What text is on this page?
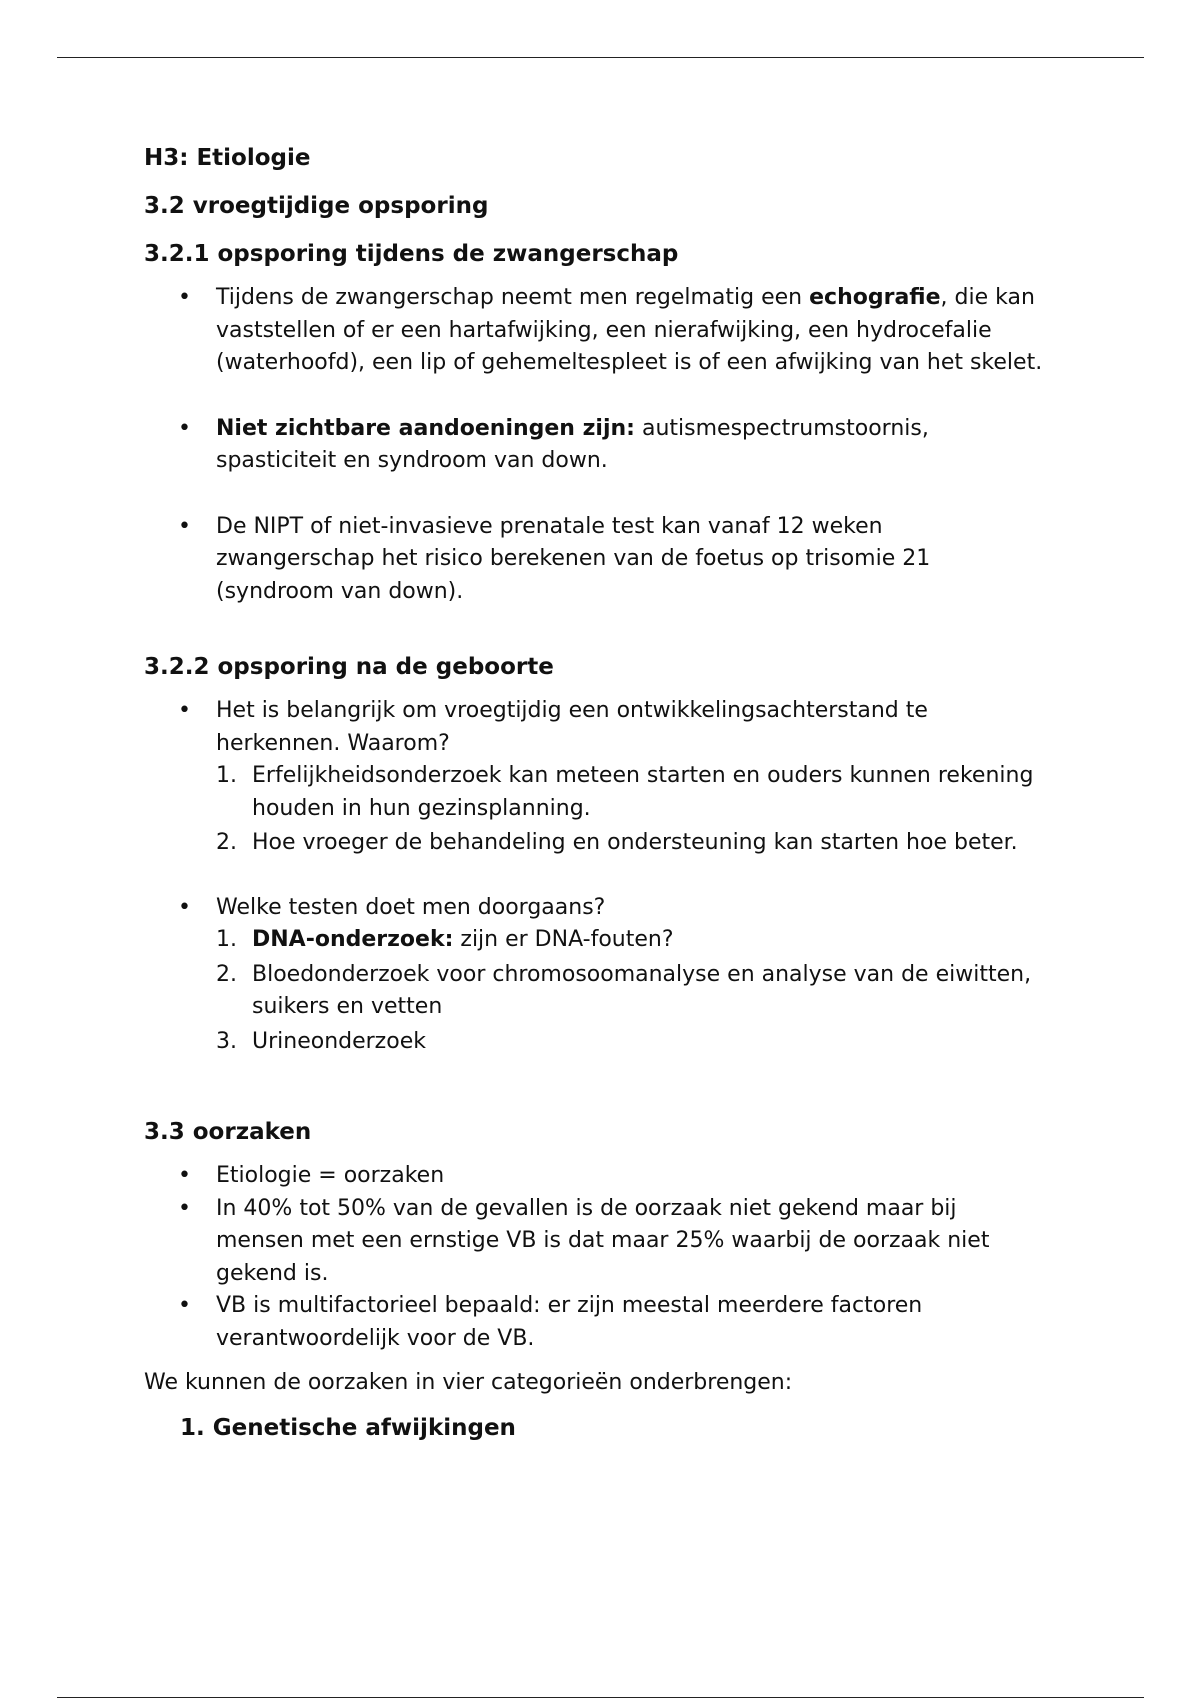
H3: Etiologie
3.2 vroegtijdige opsporing
3.2.1 opsporing tijdens de zwangerschap
• Tijdens de zwangerschap neemt men regelmatig een echografie, die kan vaststellen of er een hartafwijking, een nierafwijking, een hydrocefalie (waterhoofd), een lip of gehemeltespleet is of een afwijking van het skelet.
• Niet zichtbare aandoeningen zijn: autismespectrumstoornis, spasticiteit en syndroom van down.
• De NIPT of niet-invasieve prenatale test kan vanaf 12 weken zwangerschap het risico berekenen van de foetus op trisomie 21 (syndroom van down).
3.2.2 opsporing na de geboorte
• Het is belangrijk om vroegtijdig een ontwikkelingsachterstand te herkennen. Waarom?
1. Erfelijkheidsonderzoek kan meteen starten en ouders kunnen rekening houden in hun gezinsplanning.
2. Hoe vroeger de behandeling en ondersteuning kan starten hoe beter.
• Welke testen doet men doorgaans?
1. DNA-onderzoek: zijn er DNA-fouten?
2. Bloedonderzoek voor chromosoomanalyse en analyse van de eiwitten, suikers en vetten
3. Urineonderzoek
3.3 oorzaken
• Etiologie = oorzaken
• In 40% tot 50% van de gevallen is de oorzaak niet gekend maar bij mensen met een ernstige VB is dat maar 25% waarbij de oorzaak niet gekend is.
• VB is multifactorieel bepaald: er zijn meestal meerdere factoren verantwoordelijk voor de VB.

We kunnen de oorzaken in vier categorieën onderbrengen:

1. Genetische afwijkingen
